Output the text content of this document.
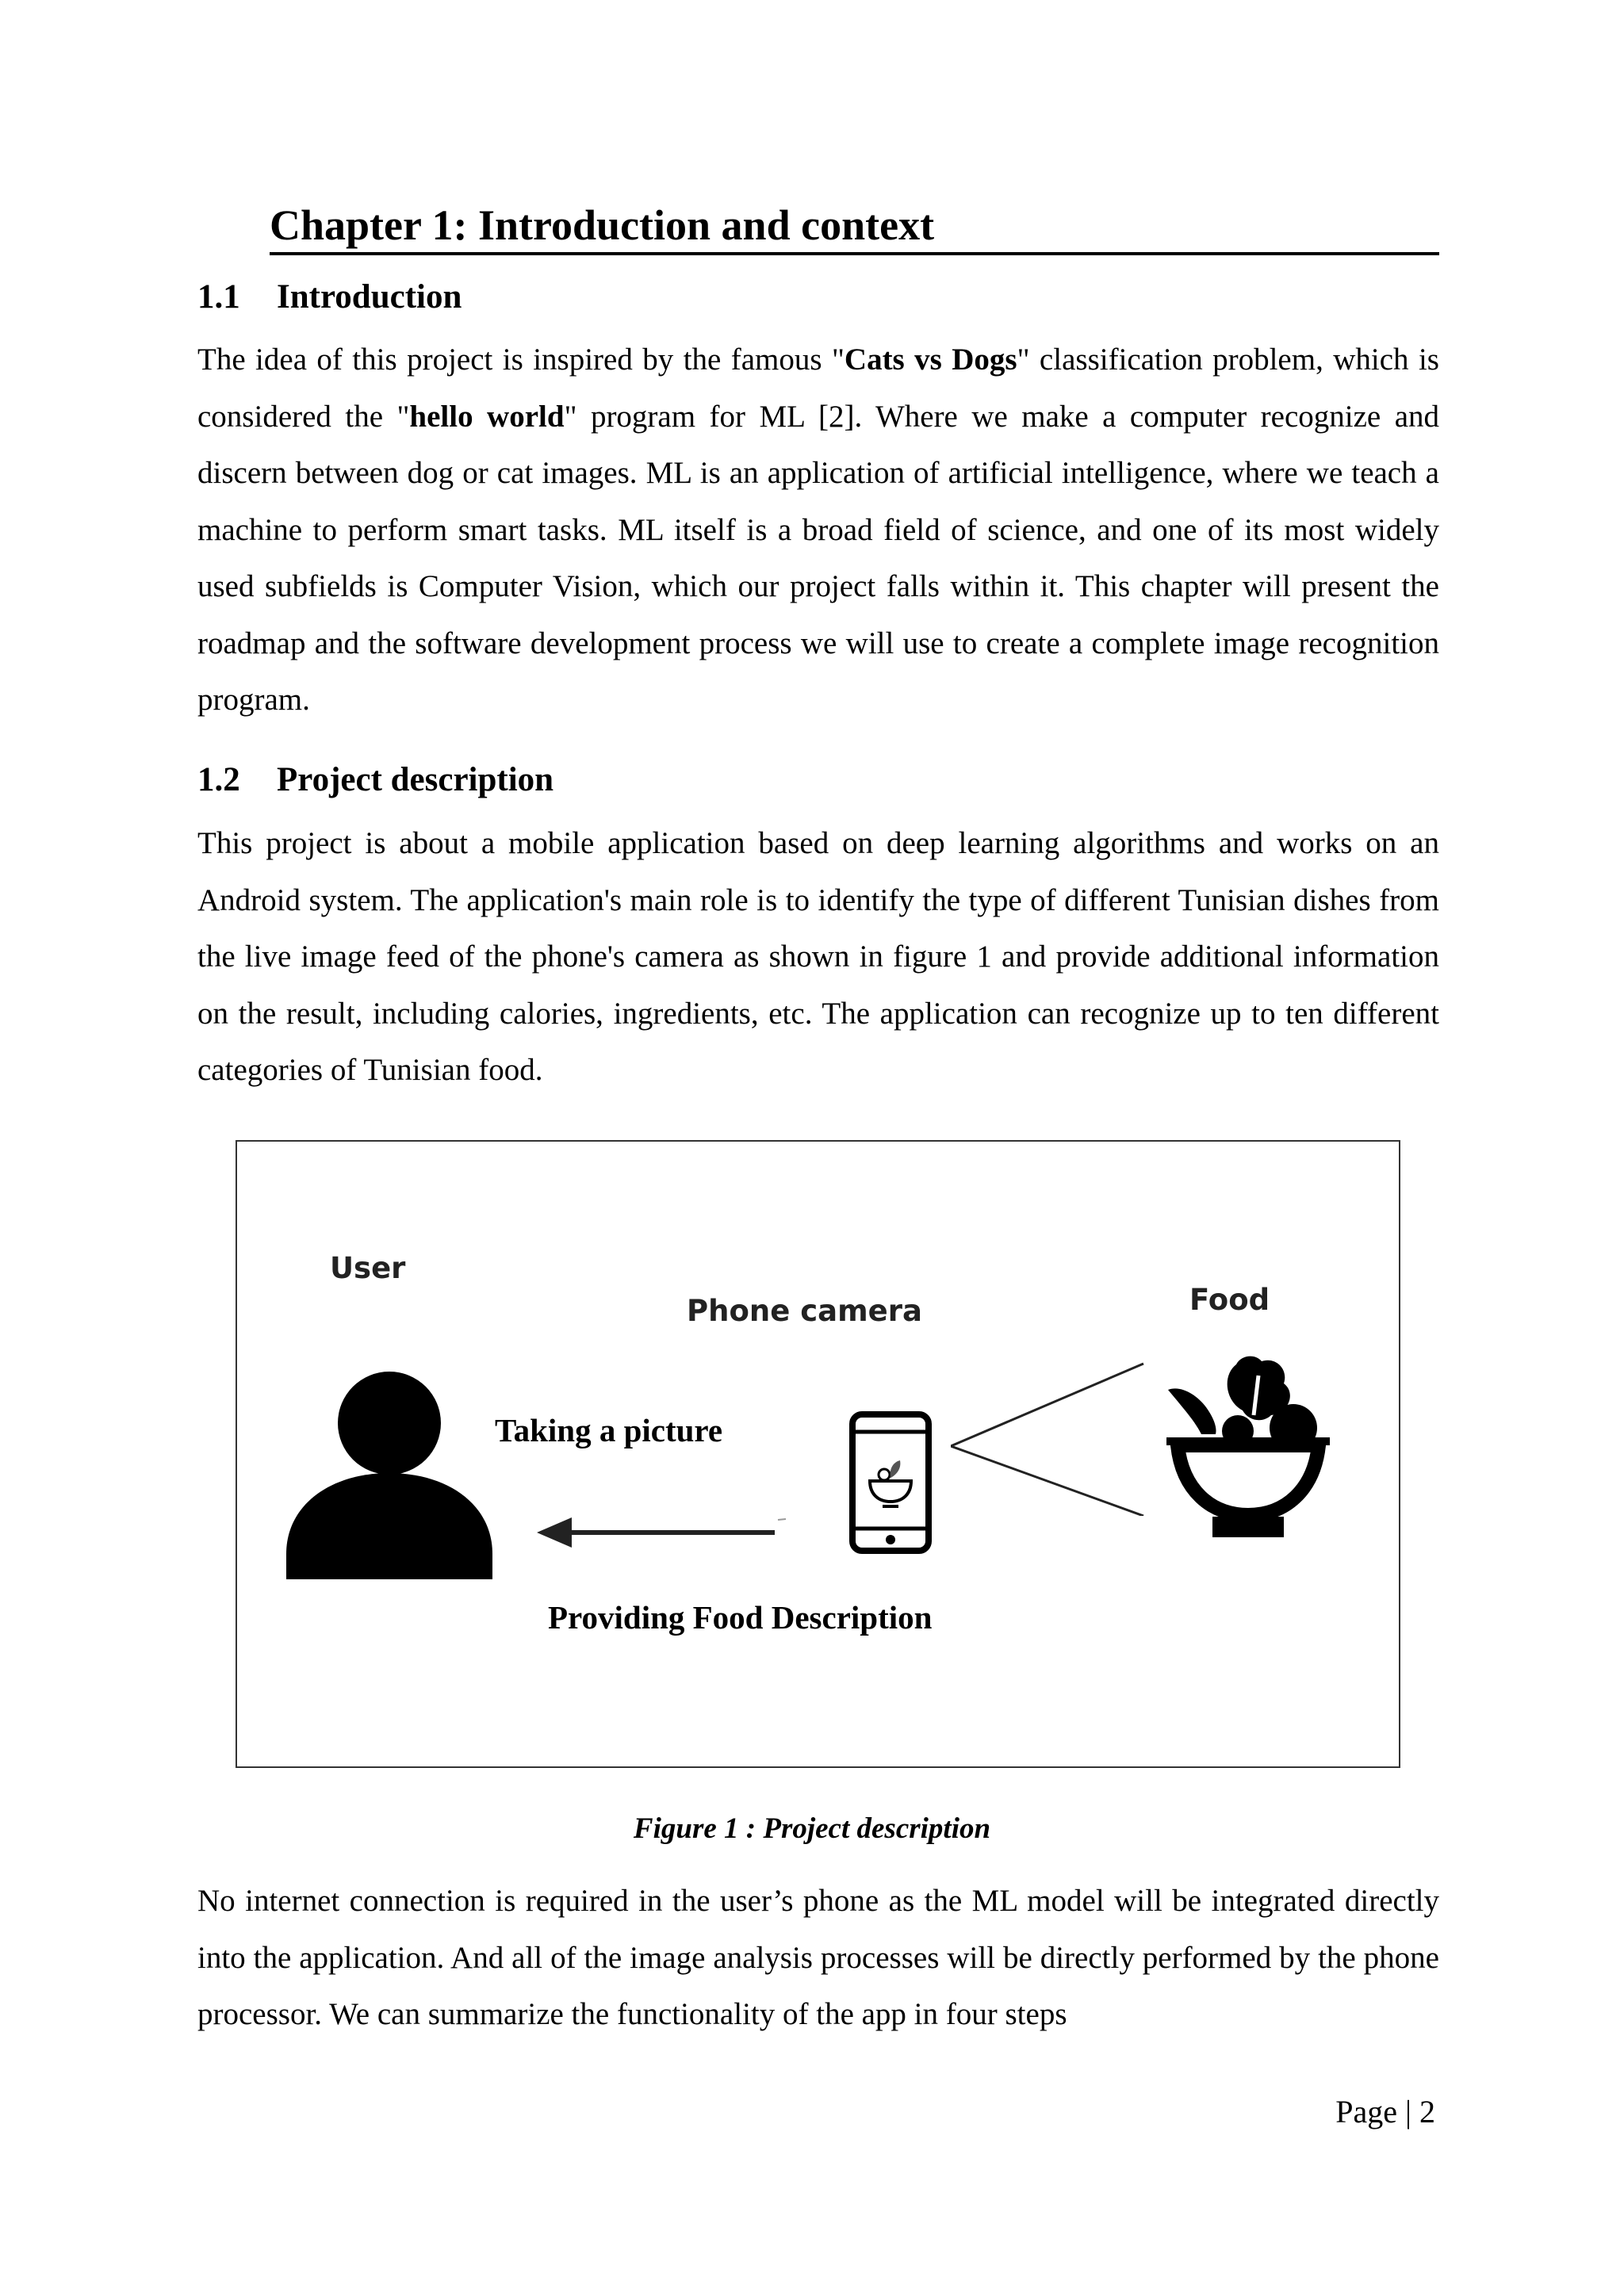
Chapter 1: Introduction and context
1.1 Introduction

The idea of this project is inspired by the famous "Cats vs Dogs" classification problem, which is considered the "hello world" program for ML [2]. Where we make a computer recognize and discern between dog or cat images. ML is an application of artificial intelligence, where we teach a machine to perform smart tasks. ML itself is a broad field of science, and one of its most widely used subfields is Computer Vision, which our project falls within it. This chapter will present the roadmap and the software development process we will use to create a complete image recognition program.

1.2 Project description

This project is about a mobile application based on deep learning algorithms and works on an Android system. The application's main role is to identify the type of different Tunisian dishes from the live image feed of the phone's camera as shown in figure 1 and provide additional information on the result, including calories, ingredients, etc. The application can recognize up to ten different categories of Tunisian food.

User
Phone camera	Food
Taking a picture
Providing Food Description
Figure 1 : Project description

No internet connection is required in the user’s phone as the ML model will be integrated directly into the application. And all of the image analysis processes will be directly performed by the phone processor. We can summarize the functionality of the app in four steps

Page | 2
